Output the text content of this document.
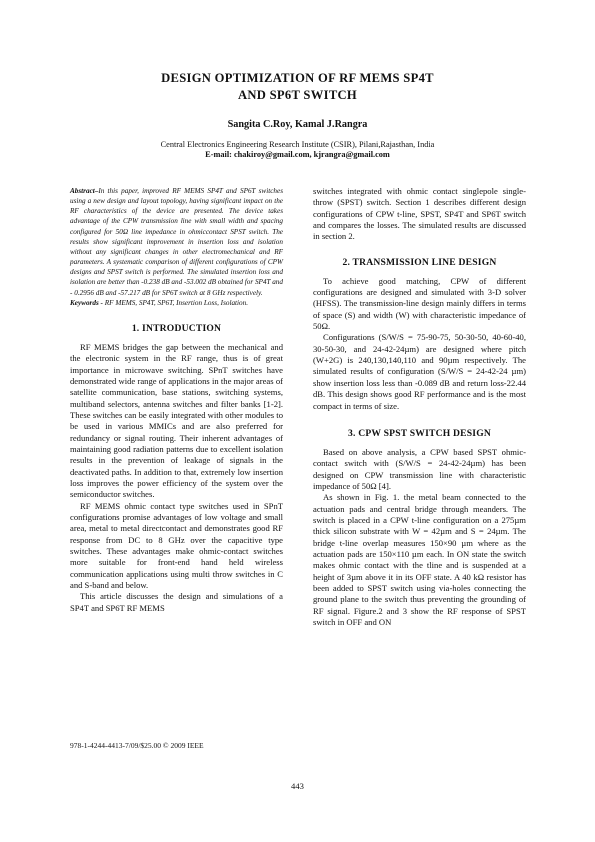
DESIGN OPTIMIZATION OF RF MEMS SP4T
AND SP6T SWITCH
Sangita C.Roy, Kamal J.Rangra
Central Electronics Engineering Research Institute (CSIR), Pilani,Rajasthan, India
E-mail: chakiroy@gmail.com, kjrangra@gmail.com

Abstract–In this paper, improved RF MEMS SP4T and SP6T switches using a new design and layout topology, having significant impact on the RF characteristics of the device are presented. The device takes advantage of the CPW transmission line with small width and spacing configured for 50Ω line impedance in ohmiccontact SPST switch. The results show significant improvement in insertion loss and isolation without any significant changes in other electromechanical and RF parameters. A systematic comparison of different configurations of CPW designs and SPST switch is performed. The simulated insertion loss and isolation are better than -0.238 dB and -53.002 dB obtained for SP4T and - 0.2956 dB and -57.217 dB for SP6T switch at 8 GHz respectively.

Keywords - RF MEMS, SP4T, SP6T, Insertion Loss, Isolation.

1. INTRODUCTION

RF MEMS bridges the gap between the mechanical and the electronic system in the RF range, thus is of great importance in microwave switching. SPnT switches have demonstrated wide range of applications in the major areas of satellite communication, base stations, switching systems, multiband selectors, antenna switches and filter banks [1-2]. These switches can be easily integrated with other modules to be used in various MMICs and are also preferred for redundancy or signal routing. Their inherent advantages of maintaining good radiation patterns due to excellent isolation results in the prevention of leakage of signals in the deactivated paths. In addition to that, extremely low insertion loss improves the power efficiency of the system over the semiconductor switches.

RF MEMS ohmic contact type switches used in SPnT configurations promise advantages of low voltage and small area, metal to metal directcontact and demonstrates good RF response from DC to 8 GHz over the capacitive type switches. These advantages make ohmic-contact switches more suitable for front-end hand held wireless communication applications using multi throw switches in C and S-band and below.

This article discusses the design and simulations of a SP4T and SP6T RF MEMS

switches integrated with ohmic contact singlepole single-throw (SPST) switch. Section 1 describes different design configurations of CPW t-line, SPST, SP4T and SP6T switch and compares the losses. The simulated results are discussed in section 2.

2. TRANSMISSION LINE DESIGN

To achieve good matching, CPW of different configurations are designed and simulated with 3-D solver (HFSS). The transmission-line design mainly differs in terms of space (S) and width (W) with characteristic impedance of 50Ω.

Configurations (S/W/S = 75-90-75, 50-30-50, 40-60-40, 30-50-30, and 24-42-24µm) are designed where pitch (W+2G) is 240,130,140,110 and 90µm respectively. The simulated results of configuration (S/W/S = 24-42-24 µm) show insertion loss less than -0.089 dB and return loss-22.44 dB. This design shows good RF performance and is the most compact in terms of size.

3. CPW SPST SWITCH DESIGN

Based on above analysis, a CPW based SPST ohmic-contact switch with (S/W/S = 24-42-24µm) has been designed on CPW transmission line with characteristic impedance of 50Ω [4].

As shown in Fig. 1. the metal beam connected to the actuation pads and central bridge through meanders. The switch is placed in a CPW t-line configuration on a 275µm thick silicon substrate with W = 42µm and S = 24µm. The bridge t-line overlap measures 150×90 µm where as the actuation pads are 150×110 µm each. In ON state the switch makes ohmic contact with the tline and is suspended at a height of 3µm above it in its OFF state. A 40 kΩ resistor has been added to SPST switch using via-holes connecting the ground plane to the switch thus preventing the grounding of RF signal. Figure.2 and 3 show the RF response of SPST switch in OFF and ON

978-1-4244-4413-7/09/$25.00 © 2009 IEEE
443
